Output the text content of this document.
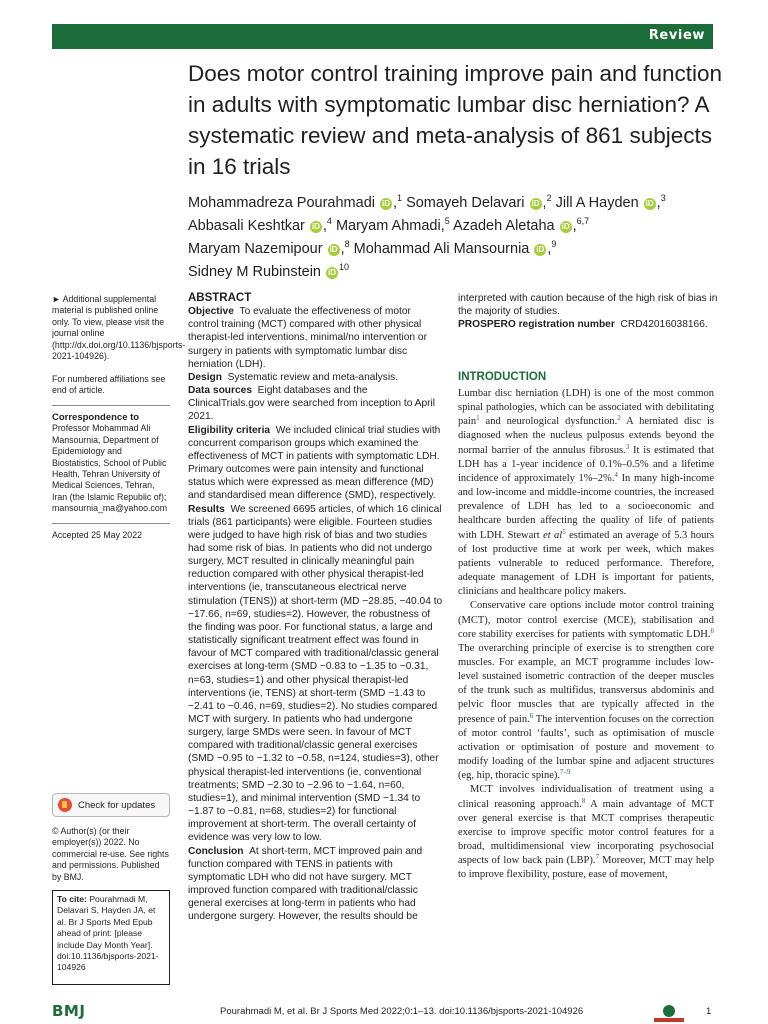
Review
Does motor control training improve pain and function in adults with symptomatic lumbar disc herniation? A systematic review and meta-analysis of 861 subjects in 16 trials
Mohammadreza Pourahmadi iD ,$^1$ Somayeh Delavari iD ,$^2$ Jill A Hayden iD ,$^3$
Abbasali Keshtkar iD ,$^4$ Maryam Ahmadi,$^5$ Azadeh Aletaha iD ,$^{6,7}$
Maryam Nazemipour iD ,$^8$ Mohammad Ali Mansournia iD ,$^9$
Sidney M Rubinstein $iD^{10}$

► Additional supplemental material is published online only. To view, please visit the journal online (http://dx.doi.org/10.1136/bjsports-2021-104926).

For numbered affiliations see end of article.

Correspondence to

Professor Mohammad Ali Mansournia, Department of Epidemiology and Biostatistics, School of Public Health, Tehran University of Medical Sciences, Tehran, Iran (the Islamic Republic of); mansournia_ma@yahoo.com

Accepted 25 May 2022

Check for updates

© Author(s) (or their employer(s)) 2022. No commercial re-use. See rights and permissions. Published by BMJ.

To cite: Pourahmadi M, Delavari S, Hayden JA, et al. Br J Sports Med Epub ahead of print: [please include Day Month Year]. doi:10.1136/bjsports-2021-104926

ABSTRACT

Objective To evaluate the effectiveness of motor control training (MCT) compared with other physical therapist-led interventions, minimal/no intervention or surgery in patients with symptomatic lumbar disc herniation (LDH).

Design Systematic review and meta-analysis.

Data sources Eight databases and the ClinicalTrials.gov were searched from inception to April 2021.

Eligibility criteria We included clinical trial studies with concurrent comparison groups which examined the effectiveness of MCT in patients with symptomatic LDH. Primary outcomes were pain intensity and functional status which were expressed as mean difference (MD) and standardised mean difference (SMD), respectively.

Results We screened 6695 articles, of which 16 clinical trials (861 participants) were eligible. Fourteen studies were judged to have high risk of bias and two studies had some risk of bias. In patients who did not undergo surgery, MCT resulted in clinically meaningful pain reduction compared with other physical therapist-led interventions (ie, transcutaneous electrical nerve stimulation (TENS)) at short-term (MD −28.85, −40.04 to −17.66, n=69, studies=2). However, the robustness of the finding was poor. For functional status, a large and statistically significant treatment effect was found in favour of MCT compared with traditional/classic general exercises at long-term (SMD −0.83 to −1.35 to −0.31, n=63, studies=1) and other physical therapist-led interventions (ie, TENS) at short-term (SMD −1.43 to −2.41 to −0.46, n=69, studies=2). No studies compared MCT with surgery. In patients who had undergone surgery, large SMDs were seen. In favour of MCT compared with traditional/classic general exercises (SMD −0.95 to −1.32 to −0.58, n=124, studies=3), other physical therapist-led interventions (ie, conventional treatments; SMD −2.30 to −2.96 to −1.64, n=60, studies=1), and minimal intervention (SMD −1.34 to −1.87 to −0.81, n=68, studies=2) for functional improvement at short-term. The overall certainty of evidence was very low to low.

Conclusion At short-term, MCT improved pain and function compared with TENS in patients with symptomatic LDH who did not have surgery. MCT improved function compared with traditional/classic general exercises at long-term in patients who had undergone surgery. However, the results should be

interpreted with caution because of the high risk of bias in the majority of studies.

PROSPERO registration number CRD42016038166.

INTRODUCTION

Lumbar disc herniation (LDH) is one of the most common spinal pathologies, which can be associated with debilitating pain$^1$ and neurological dysfunction.$^2$ A herniated disc is diagnosed when the nucleus pulposus extends beyond the normal barrier of the annulus fibrosus.$^3$ It is estimated that LDH has a 1-year incidence of 0.1%–0.5% and a lifetime incidence of approximately 1%–2%.$^4$ In many high-income and low-income and middle-income countries, the increased prevalence of LDH has led to a socioeconomic and healthcare burden affecting the quality of life of patients with LDH. Stewart et al$^5$ estimated an average of 5.3 hours of lost productive time at work per week, which makes patients vulnerable to reduced performance. Therefore, adequate management of LDH is important for patients, clinicians and healthcare policy makers.

Conservative care options include motor control training (MCT), motor control exercise (MCE), stabilisation and core stability exercises for patients with symptomatic LDH.$^6$ The overarching principle of exercise is to strengthen core muscles. For example, an MCT programme includes low-level sustained isometric contraction of the deeper muscles of the trunk such as multifidus, transversus abdominis and pelvic floor muscles that are typically affected in the presence of pain.$^6$ The intervention focuses on the correction of motor control ‘faults’, such as optimisation of muscle activation or optimisation of posture and movement to modify loading of the lumbar spine and adjacent structures (eg, hip, thoracic spine).$^{7-9}$

MCT involves individualisation of treatment using a clinical reasoning approach.$^8$ A main advantage of MCT over general exercise is that MCT comprises therapeutic exercise to improve specific motor control features for a broad, multidimensional view incorporating psychosocial aspects of low back pain (LBP).$^7$ Moreover, MCT may help to improve flexibility, posture, ease of movement,

BMJ	Pourahmadi M, et al. Br J Sports Med 2022;0:1–13. doi:10.1136/bjsports-2021-104926	1
